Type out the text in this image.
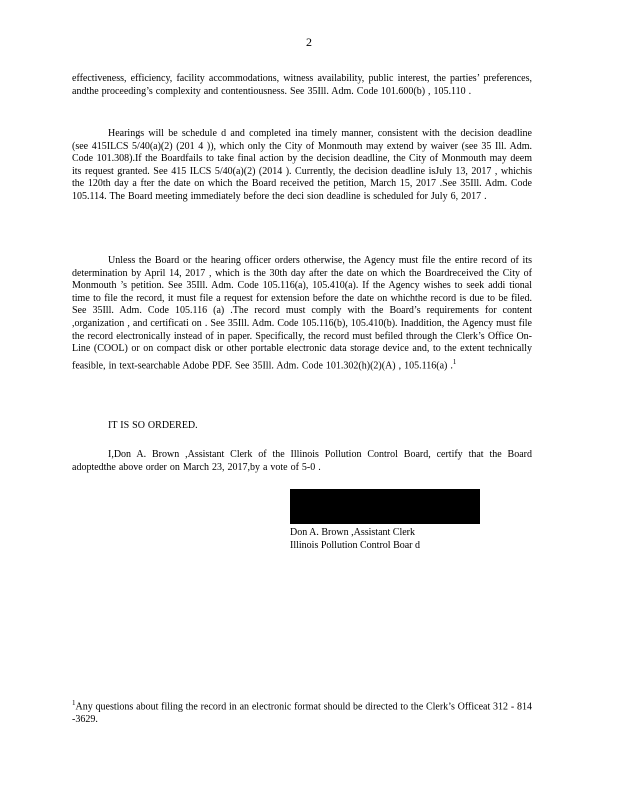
2
effectiveness, efficiency, facility accommodations, witness availability, public interest, the parties’ preferences, andthe proceeding’s complexity and contentiousness. See 35Ill. Adm. Code 101.600(b) , 105.110 .
Hearings will be schedule d and completed ina timely manner, consistent with the decision deadline (see 415ILCS 5/40(a)(2) (201 4 )), which only the City of Monmouth may extend by waiver (see 35 Ill. Adm. Code 101.308).If the Boardfails to take final action by the decision deadline, the City of Monmouth may deem its request granted. See 415 ILCS 5/40(a)(2) (2014 ). Currently, the decision deadline isJuly 13, 2017 , whichis the 120th day a fter the date on which the Board received the petition, March 15, 2017 .See 35Ill. Adm. Code 105.114. The Board meeting immediately before the deci sion deadline is scheduled for July 6, 2017 .
Unless the Board or the hearing officer orders otherwise, the Agency must file the entire record of its determination by April 14, 2017 , which is the 30th day after the date on which the Boardreceived the City of Monmouth ’s petition. See 35Ill. Adm. Code 105.116(a), 105.410(a). If the Agency wishes to seek addi tional time to file the record, it must file a request for extension before the date on whichthe record is due to be filed. See 35Ill. Adm. Code 105.116 (a) .The record must comply with the Board’s requirements for content ,organization , and certificati on . See 35Ill. Adm. Code 105.116(b), 105.410(b). Inaddition, the Agency must file the record electronically instead of in paper. Specifically, the record must befiled through the Clerk’s Office On-Line (COOL) or on compact disk or other portable electronic data storage device and, to the extent technically feasible, in text-searchable Adobe PDF. See 35Ill. Adm. Code 101.302(h)(2)(A) , 105.116(a) .$^1$
IT IS SO ORDERED.
I,Don A. Brown ,Assistant Clerk of the Illinois Pollution Control Board, certify that the Board adoptedthe above order on March 23, 2017,by a vote of 5-0 .
Don A. Brown ,Assistant Clerk
Illinois Pollution Control Boar d
$^1$Any questions about filing the record in an electronic format should be directed to the Clerk’s Officeat 312 - 814 -3629.
